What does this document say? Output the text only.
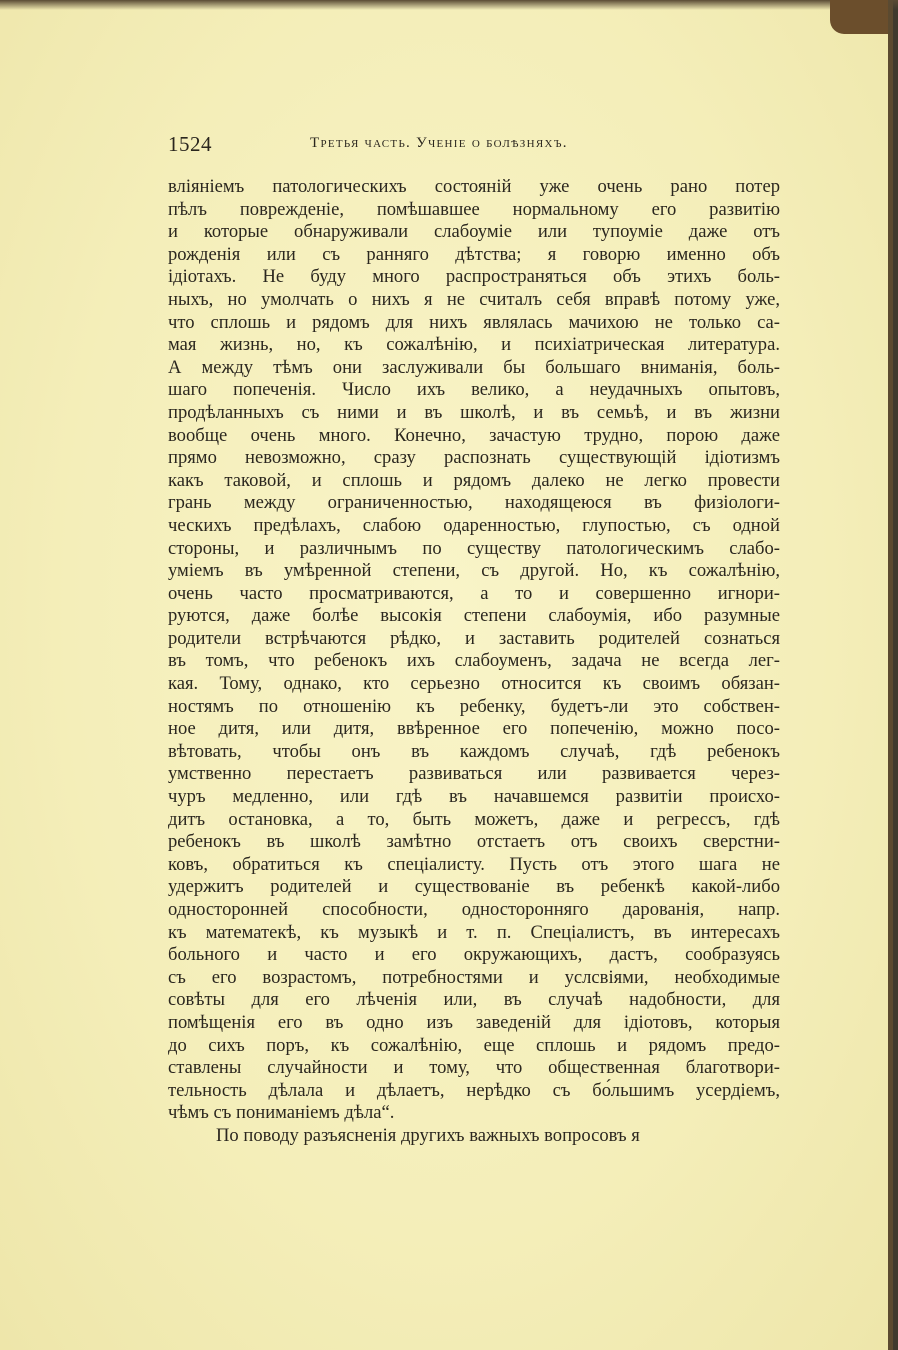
1524	Третья часть. Ученіе о болѣзняхъ.
вліяніемъ патологическихъ состояній уже очень рано потер
пѣлъ поврежденіе, помѣшавшее нормальному его развитію
и которые обнаруживали слабоуміе или тупоуміе даже отъ
рожденія или съ ранняго дѣтства; я говорю именно объ
ідіотахъ. Не буду много распространяться объ этихъ боль-
ныхъ, но умолчать о нихъ я не считалъ себя вправѣ потому уже,
что сплошь и рядомъ для нихъ являлась мачихою не только са-
мая жизнь, но, къ сожалѣнію, и психіатрическая литература.
А между тѣмъ они заслуживали бы большаго вниманія, боль-
шаго попеченія. Число ихъ велико, а неудачныхъ опытовъ,
продѣланныхъ съ ними и въ школѣ, и въ семьѣ, и въ жизни
вообще очень много. Конечно, зачастую трудно, порою даже
прямо невозможно, сразу распознать существующій ідіотизмъ
какъ таковой, и сплошь и рядомъ далеко не легко провести
грань между ограниченностью, находящеюся въ физіологи-
ческихъ предѣлахъ, слабою одаренностью, глупостью, съ одной
стороны, и различнымъ по существу патологическимъ слабо-
уміемъ въ умѣренной степени, съ другой. Но, къ сожалѣнію,
очень часто просматриваются, а то и совершенно игнори-
руются, даже болѣе высокія степени слабоумія, ибо разумные
родители встрѣчаются рѣдко, и заставить родителей сознаться
въ томъ, что ребенокъ ихъ слабоуменъ, задача не всегда лег-
кая. Тому, однако, кто серьезно относится къ своимъ обязан-
ностямъ по отношенію къ ребенку, будетъ-ли это собствен-
ное дитя, или дитя, ввѣренное его попеченію, можно посо-
вѣтовать, чтобы онъ въ каждомъ случаѣ, гдѣ ребенокъ
умственно перестаетъ развиваться или развивается через-
чуръ медленно, или гдѣ въ начавшемся развитіи происхо-
дитъ остановка, а то, быть можетъ, даже и регрессъ, гдѣ
ребенокъ въ школѣ замѣтно отстаетъ отъ своихъ сверстни-
ковъ, обратиться къ спеціалисту. Пусть отъ этого шага не
удержитъ родителей и существованіе въ ребенкѣ какой-либо
односторонней способности, односторонняго дарованія, напр.
къ математекѣ, къ музыкѣ и т. п. Спеціалистъ, въ интересахъ
больного и часто и его окружающихъ, дастъ, сообразуясь
съ его возрастомъ, потребностями и услсвіями, необходимые
совѣты для его лѣченія или, въ случаѣ надобности, для
помѣщенія его въ одно изъ заведеній для ідіотовъ, которыя
до сихъ поръ, къ сожалѣнію, еще сплошь и рядомъ предо-
ставлены случайности и тому, что общественная благотвори-
тельность дѣлала и дѣлаетъ, нерѣдко съ бо́льшимъ усердіемъ,
чѣмъ съ пониманіемъ дѣла“.
По поводу разъясненія другихъ важныхъ вопросовъ я
